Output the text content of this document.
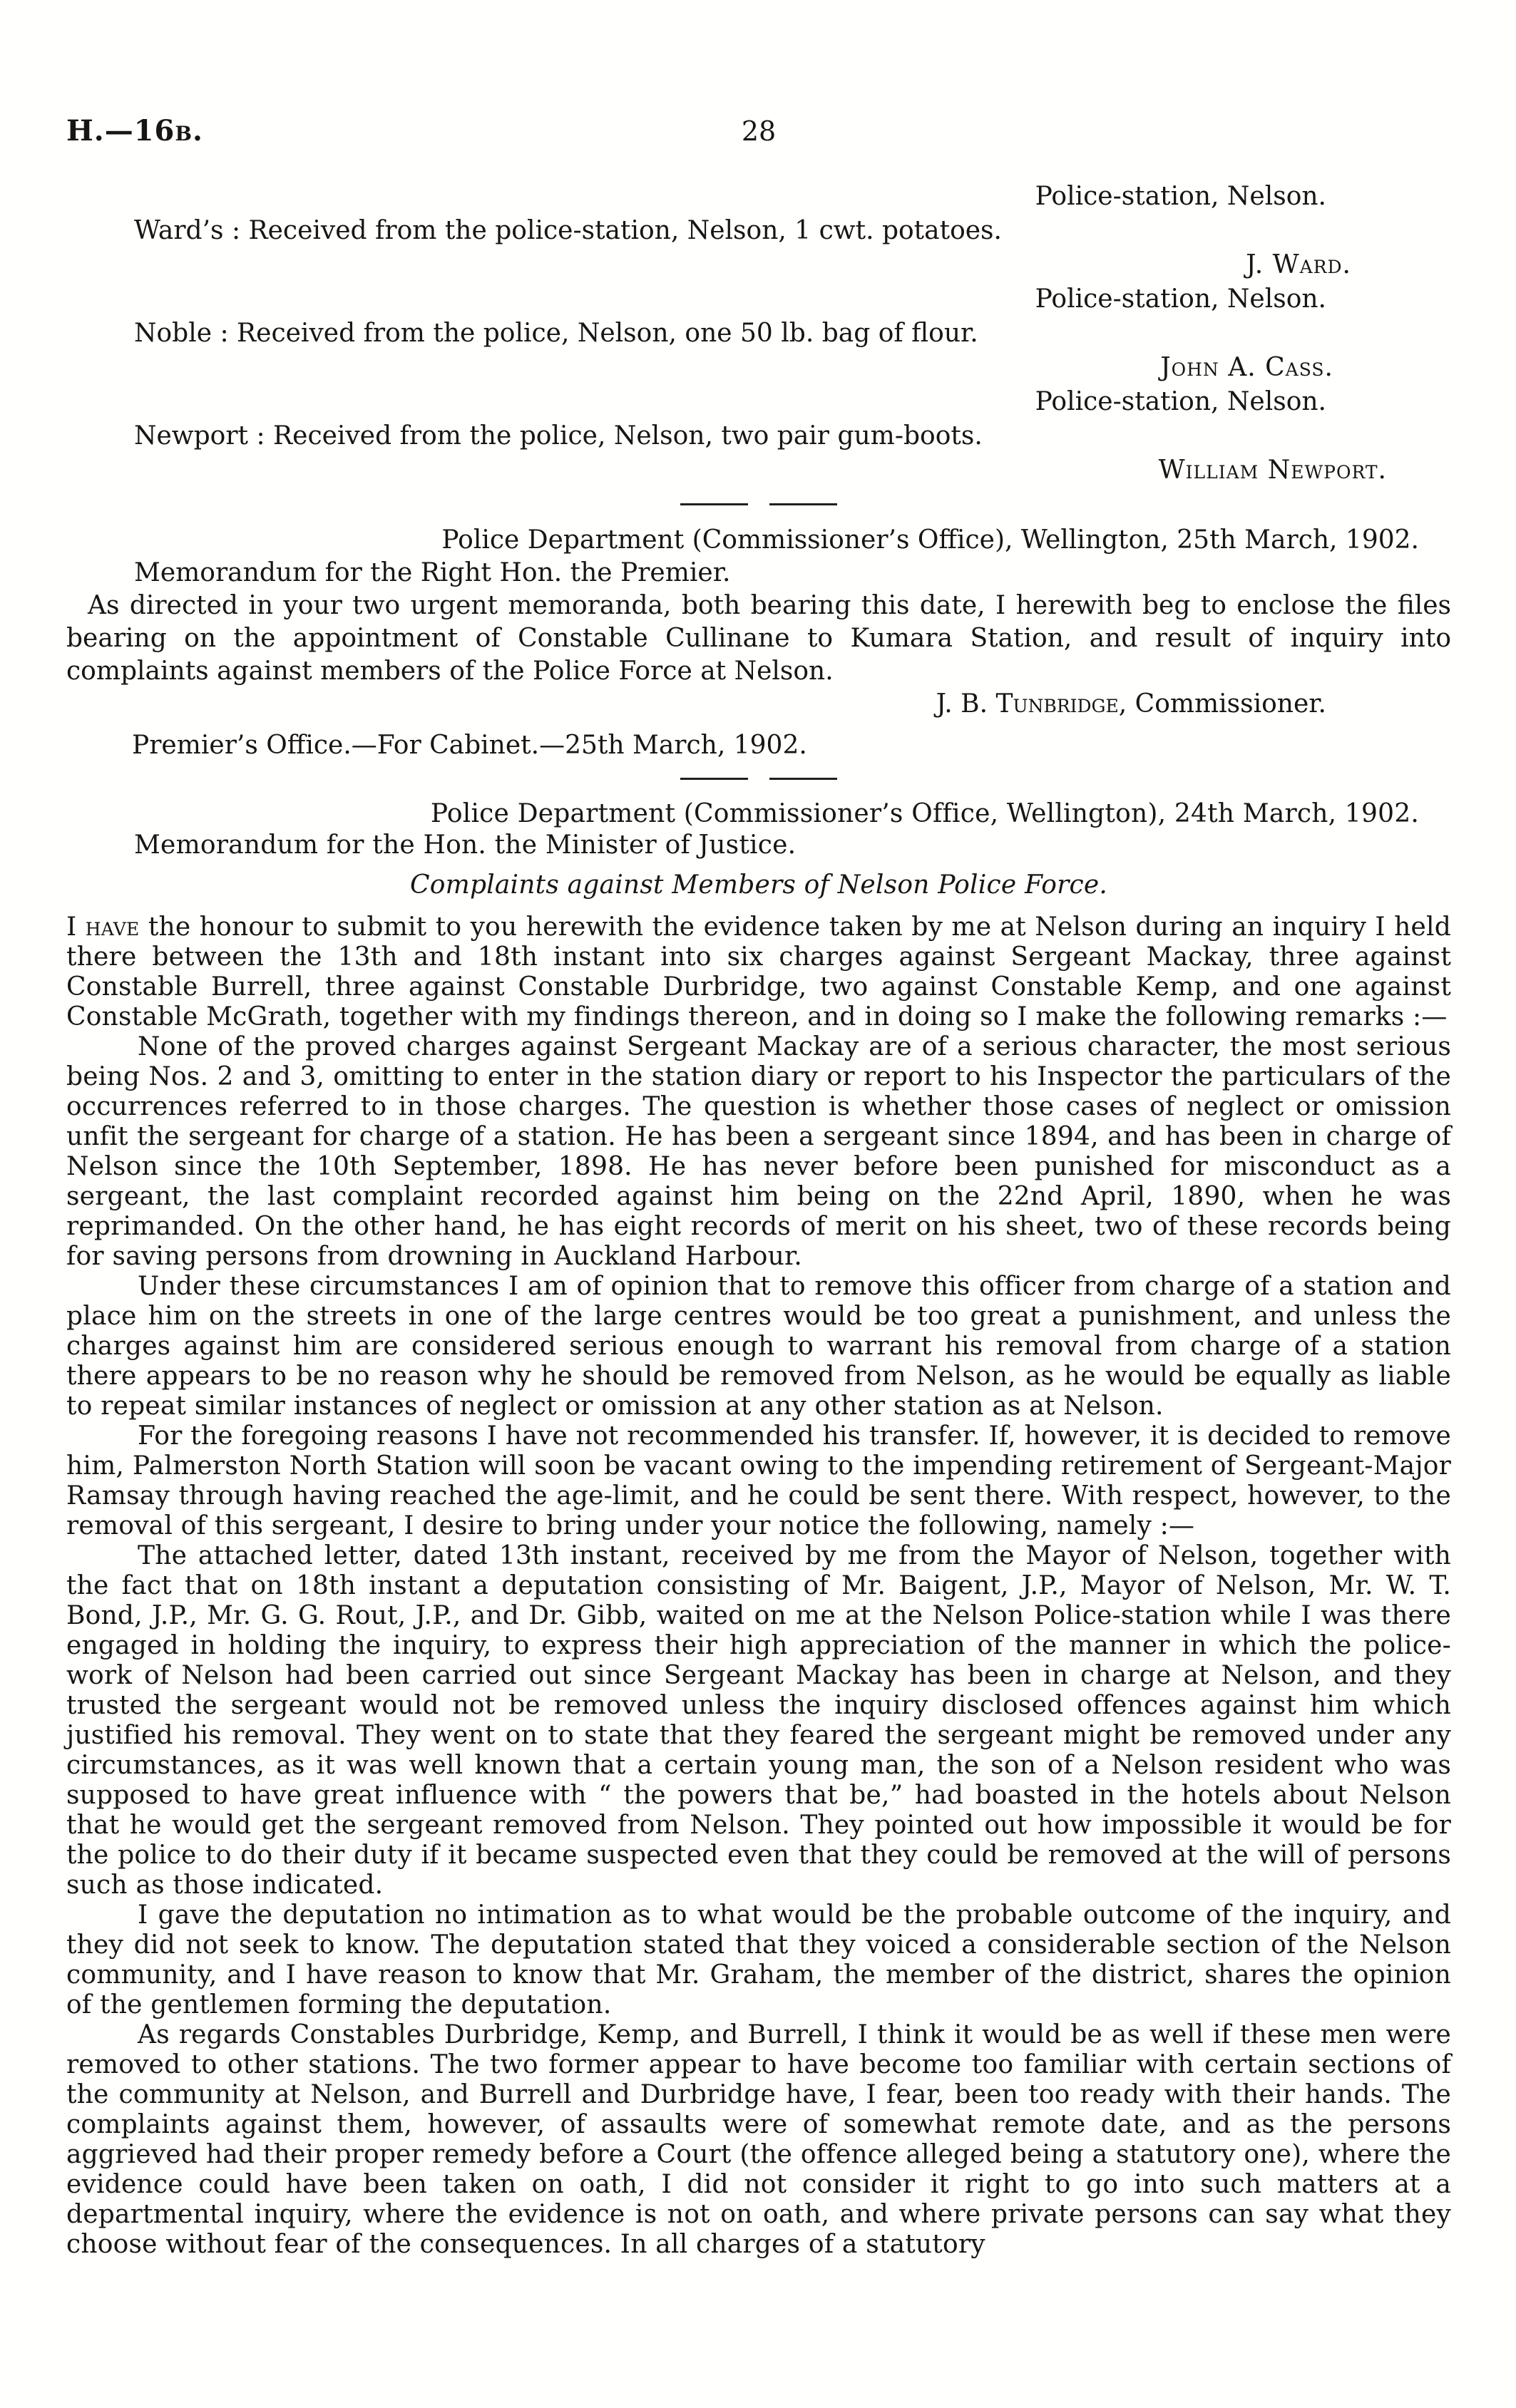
H.—16b.	28
Police-station, Nelson.
Ward’s : Received from the police-station, Nelson, 1 cwt. potatoes.
J. Ward.
Police-station, Nelson.
Noble : Received from the police, Nelson, one 50 lb. bag of flour.
John A. Cass.
Police-station, Nelson.
Newport : Received from the police, Nelson, two pair gum-boots.
William Newport.
Police Department (Commissioner’s Office), Wellington, 25th March, 1902.
Memorandum for the Right Hon. the Premier.

As directed in your two urgent memoranda, both bearing this date, I herewith beg to enclose the files bearing on the appointment of Constable Cullinane to Kumara Station, and result of inquiry into complaints against members of the Police Force at Nelson.

J. B. Tunbridge, Commissioner.
Premier’s Office.—For Cabinet.—25th March, 1902.
Police Department (Commissioner’s Office, Wellington), 24th March, 1902.
Memorandum for the Hon. the Minister of Justice.
Complaints against Members of Nelson Police Force.

I have the honour to submit to you herewith the evidence taken by me at Nelson during an inquiry I held there between the 13th and 18th instant into six charges against Sergeant Mackay, three against Constable Burrell, three against Constable Durbridge, two against Constable Kemp, and one against Constable McGrath, together with my findings thereon, and in doing so I make the following remarks :—

None of the proved charges against Sergeant Mackay are of a serious character, the most serious being Nos. 2 and 3, omitting to enter in the station diary or report to his Inspector the particulars of the occurrences referred to in those charges. The question is whether those cases of neglect or omission unfit the sergeant for charge of a station. He has been a sergeant since 1894, and has been in charge of Nelson since the 10th September, 1898. He has never before been punished for misconduct as a sergeant, the last complaint recorded against him being on the 22nd April, 1890, when he was reprimanded. On the other hand, he has eight records of merit on his sheet, two of these records being for saving persons from drowning in Auckland Harbour.

Under these circumstances I am of opinion that to remove this officer from charge of a station and place him on the streets in one of the large centres would be too great a punishment, and unless the charges against him are considered serious enough to warrant his removal from charge of a station there appears to be no reason why he should be removed from Nelson, as he would be equally as liable to repeat similar instances of neglect or omission at any other station as at Nelson.

For the foregoing reasons I have not recommended his transfer. If, however, it is decided to remove him, Palmerston North Station will soon be vacant owing to the impending retirement of Sergeant-Major Ramsay through having reached the age-limit, and he could be sent there. With respect, however, to the removal of this sergeant, I desire to bring under your notice the following, namely :—

The attached letter, dated 13th instant, received by me from the Mayor of Nelson, together with the fact that on 18th instant a deputation consisting of Mr. Baigent, J.P., Mayor of Nelson, Mr. W. T. Bond, J.P., Mr. G. G. Rout, J.P., and Dr. Gibb, waited on me at the Nelson Police-station while I was there engaged in holding the inquiry, to express their high appreciation of the manner in which the police-work of Nelson had been carried out since Sergeant Mackay has been in charge at Nelson, and they trusted the sergeant would not be removed unless the inquiry disclosed offences against him which justified his removal. They went on to state that they feared the sergeant might be removed under any circumstances, as it was well known that a certain young man, the son of a Nelson resident who was supposed to have great influence with “ the powers that be,” had boasted in the hotels about Nelson that he would get the sergeant removed from Nelson. They pointed out how impossible it would be for the police to do their duty if it became suspected even that they could be removed at the will of persons such as those indicated.

I gave the deputation no intimation as to what would be the probable outcome of the inquiry, and they did not seek to know. The deputation stated that they voiced a considerable section of the Nelson community, and I have reason to know that Mr. Graham, the member of the district, shares the opinion of the gentlemen forming the deputation.

As regards Constables Durbridge, Kemp, and Burrell, I think it would be as well if these men were removed to other stations. The two former appear to have become too familiar with certain sections of the community at Nelson, and Burrell and Durbridge have, I fear, been too ready with their hands. The complaints against them, however, of assaults were of somewhat remote date, and as the persons aggrieved had their proper remedy before a Court (the offence alleged being a statutory one), where the evidence could have been taken on oath, I did not consider it right to go into such matters at a departmental inquiry, where the evidence is not on oath, and where private persons can say what they choose without fear of the consequences. In all charges of a statutory
